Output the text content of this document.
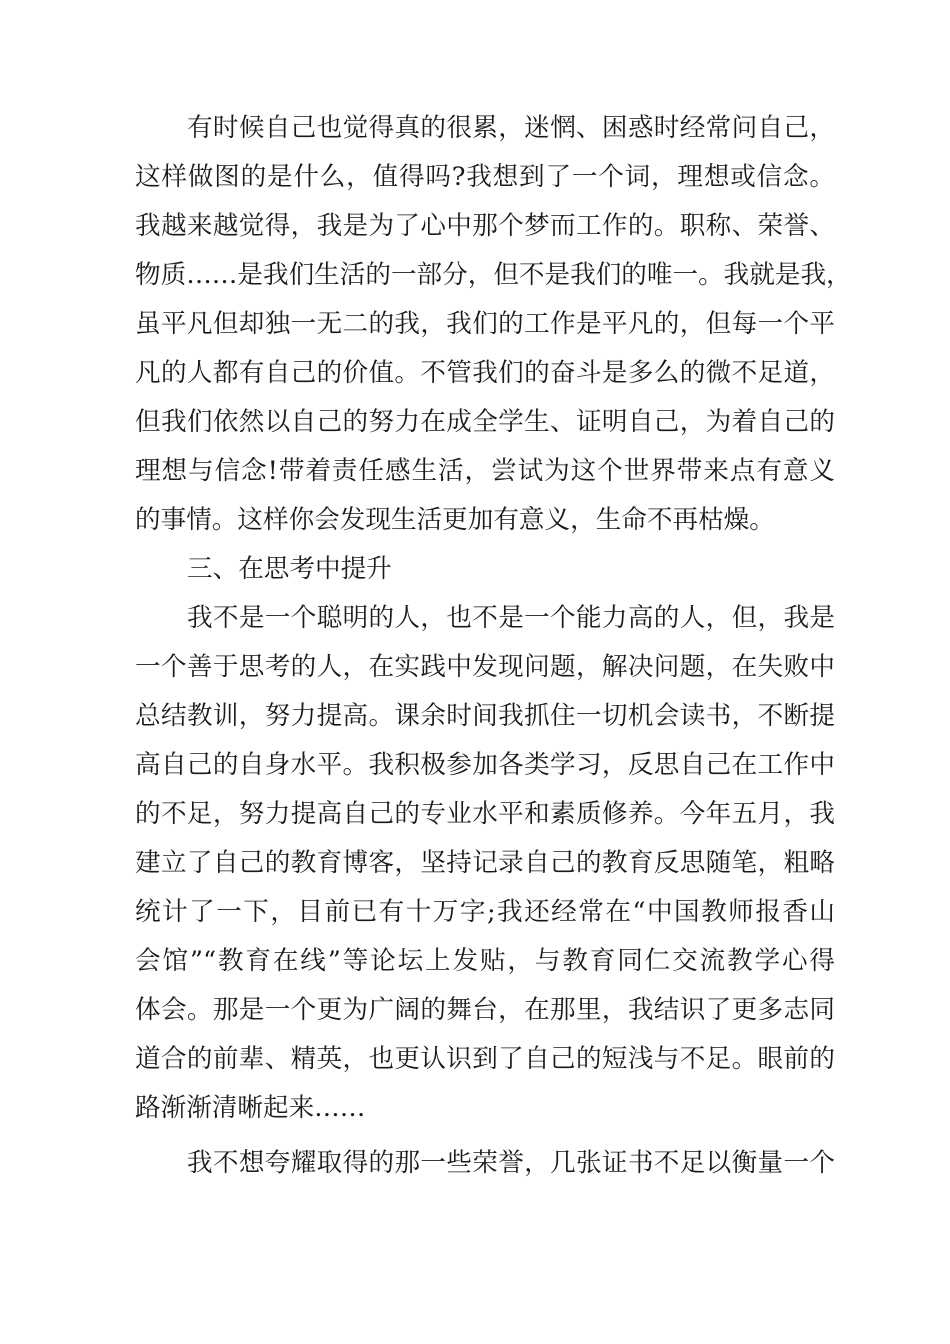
有时候自己也觉得真的很累，迷惘、困惑时经常问自己，
这样做图的是什么，值得吗?我想到了一个词，理想或信念。
我越来越觉得，我是为了心中那个梦而工作的。职称、荣誉、
物质……是我们生活的一部分，但不是我们的唯一。我就是我，
虽平凡但却独一无二的我，我们的工作是平凡的，但每一个平
凡的人都有自己的价值。不管我们的奋斗是多么的微不足道，
但我们依然以自己的努力在成全学生、证明自己，为着自己的
理想与信念!带着责任感生活，尝试为这个世界带来点有意义
的事情。这样你会发现生活更加有意义，生命不再枯燥。
三、在思考中提升
我不是一个聪明的人，也不是一个能力高的人，但，我是
一个善于思考的人，在实践中发现问题，解决问题，在失败中
总结教训，努力提高。课余时间我抓住一切机会读书，不断提
高自己的自身水平。我积极参加各类学习，反思自己在工作中
的不足，努力提高自己的专业水平和素质修养。今年五月，我
建立了自己的教育博客，坚持记录自己的教育反思随笔，粗略
统计了一下，目前已有十万字;我还经常在“中国教师报香山
会馆”“教育在线”等论坛上发贴，与教育同仁交流教学心得
体会。那是一个更为广阔的舞台，在那里，我结识了更多志同
道合的前辈、精英，也更认识到了自己的短浅与不足。眼前的
路渐渐清晰起来……
我不想夸耀取得的那一些荣誉，几张证书不足以衡量一个
